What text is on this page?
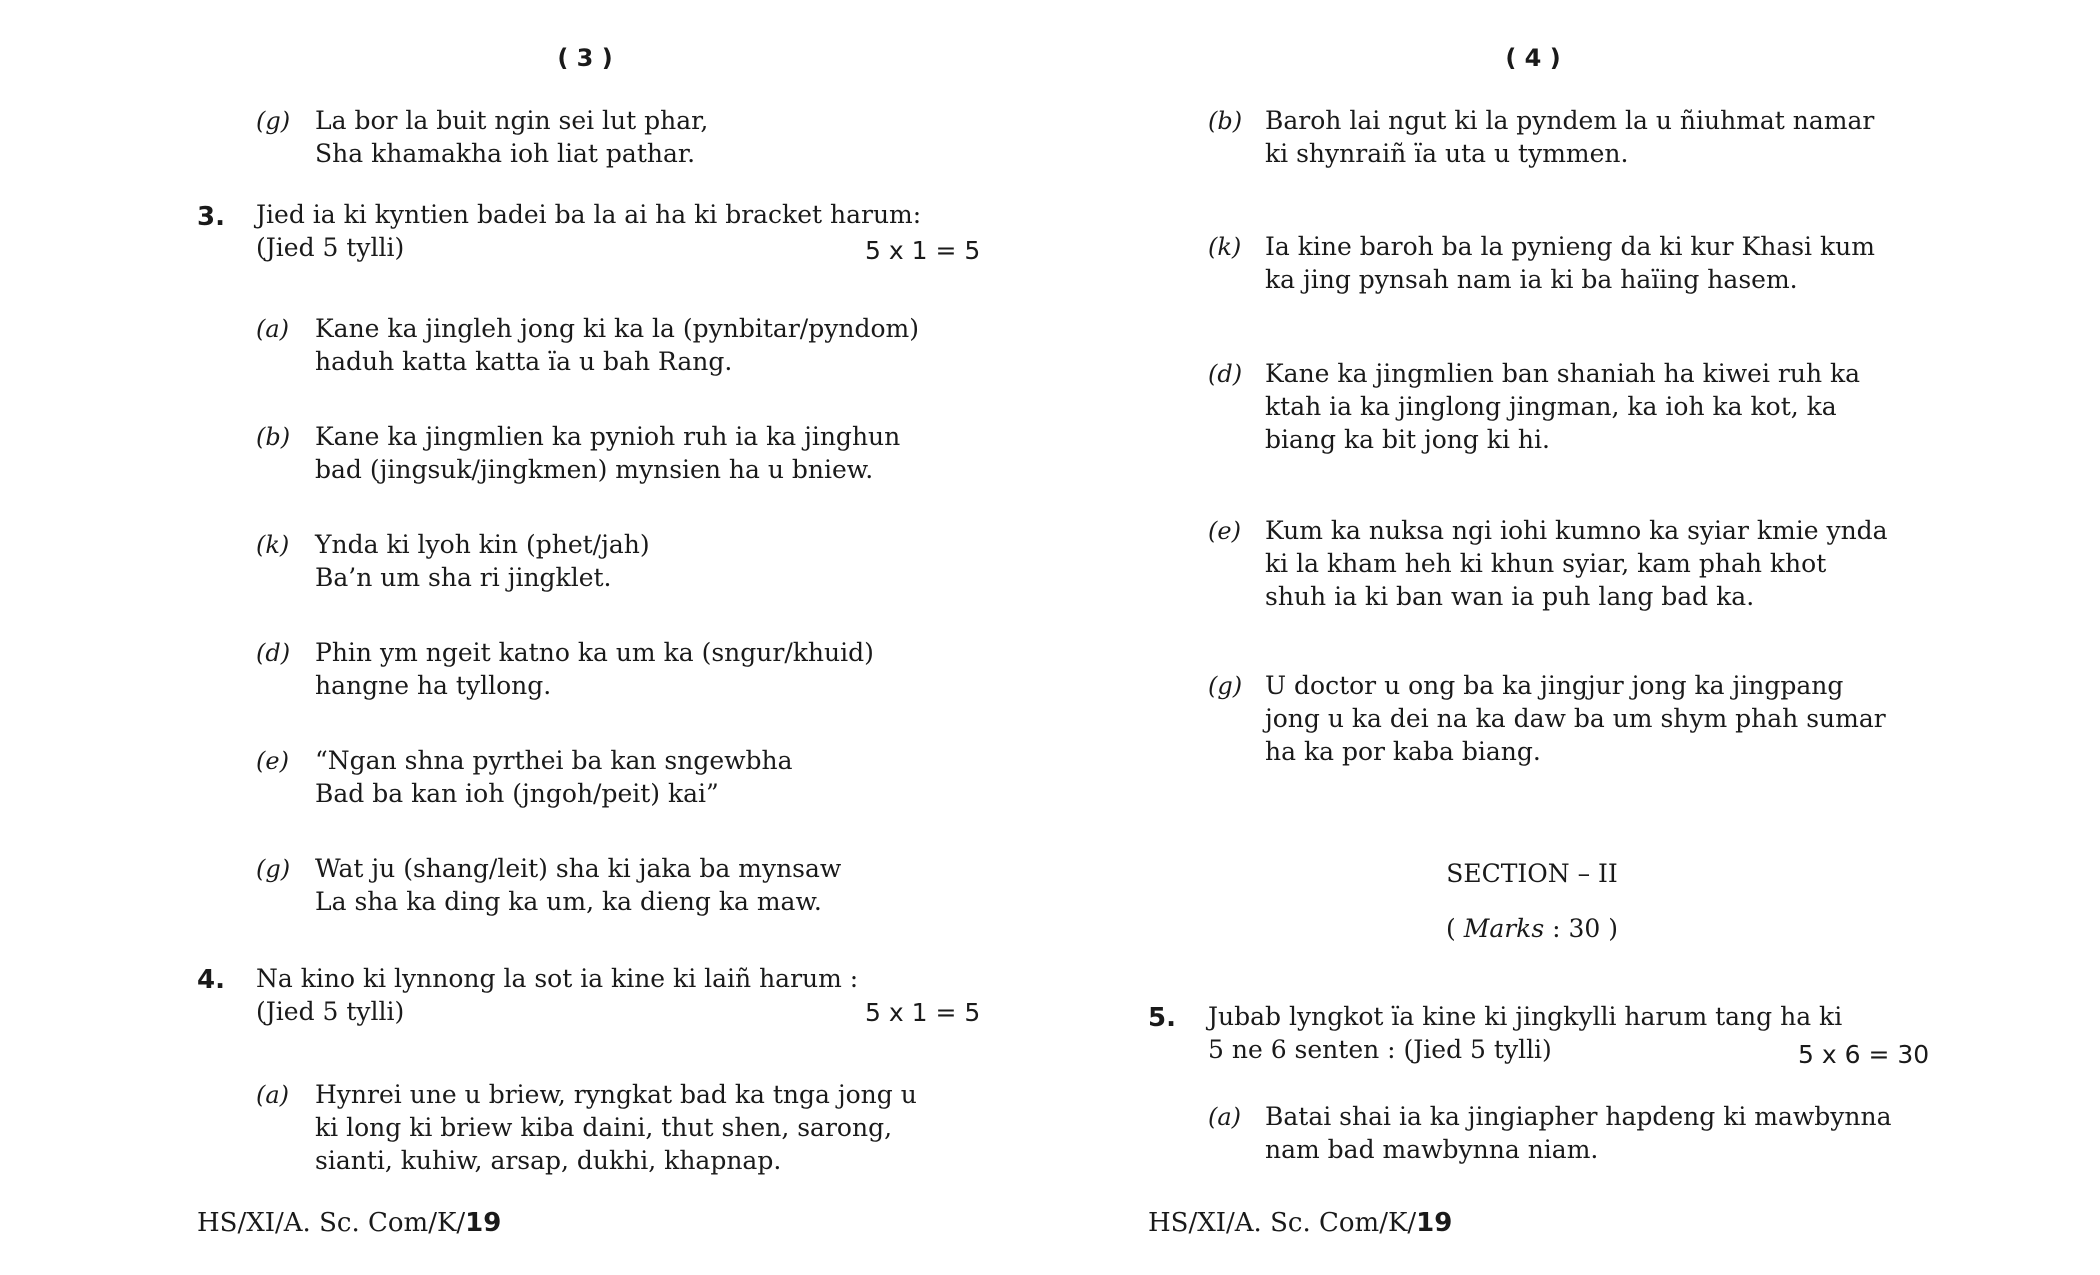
( 3 )
(g) La bor la buit ngin sei lut phar,
Sha khamakha ioh liat pathar.
3. Jied ia ki kyntien badei ba la ai ha ki bracket harum:
(Jied 5 tylli)	5 x 1 = 5
(a) Kane ka jingleh jong ki ka la (pynbitar/pyndom)
haduh katta katta ïa u bah Rang.
(b) Kane ka jingmlien ka pynioh ruh ia ka jinghun
bad (jingsuk/jingkmen) mynsien ha u bniew.
(k) Ynda ki lyoh kin (phet/jah)
Ba’n um sha ri jingklet.
(d) Phin ym ngeit katno ka um ka (sngur/khuid)
hangne ha tyllong.
(e) “Ngan shna pyrthei ba kan sngewbha
Bad ba kan ioh (jngoh/peit) kai”
(g) Wat ju (shang/leit) sha ki jaka ba mynsaw
La sha ka ding ka um, ka dieng ka maw.
4. Na kino ki lynnong la sot ia kine ki laiñ harum :
(Jied 5 tylli)	5 x 1 = 5
(a) Hynrei une u briew, ryngkat bad ka tnga jong u
ki long ki briew kiba daini, thut shen, sarong,
sianti, kuhiw, arsap, dukhi, khapnap.
HS/XI/A. Sc. Com/K/19
( 4 )
(b) Baroh lai ngut ki la pyndem la u ñiuhmat namar
ki shynraiñ ïa uta u tymmen.
(k) Ia kine baroh ba la pynieng da ki kur Khasi kum
ka jing pynsah nam ia ki ba haïing hasem.
(d) Kane ka jingmlien ban shaniah ha kiwei ruh ka
ktah ia ka jinglong jingman, ka ioh ka kot, ka
biang ka bit jong ki hi.
(e) Kum ka nuksa ngi iohi kumno ka syiar kmie ynda
ki la kham heh ki khun syiar, kam phah khot
shuh ia ki ban wan ia puh lang bad ka.
(g) U doctor u ong ba ka jingjur jong ka jingpang
jong u ka dei na ka daw ba um shym phah sumar
ha ka por kaba biang.
SECTION – II
( Marks : 30 )
5. Jubab lyngkot ïa kine ki jingkylli harum tang ha ki
5 ne 6 senten : (Jied 5 tylli)	5 x 6 = 30
(a) Batai shai ia ka jingiapher hapdeng ki mawbynna
nam bad mawbynna niam.
HS/XI/A. Sc. Com/K/19
